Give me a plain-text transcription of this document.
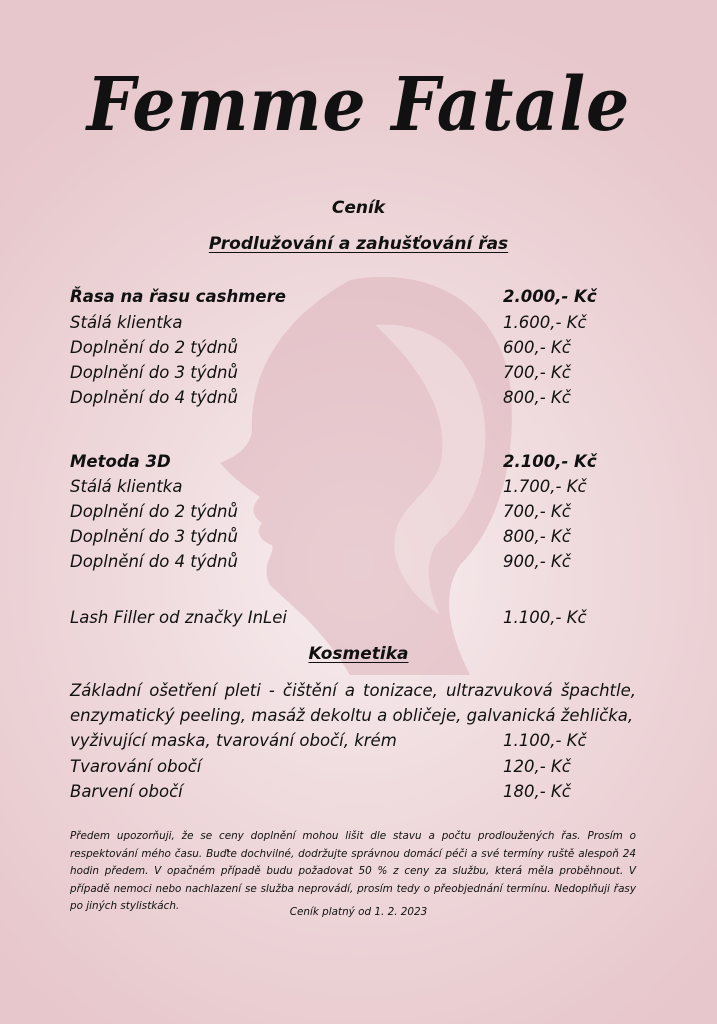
Femme Fatale
Ceník
Prodlužování a zahušťování řas
Řasa na řasu cashmere	2.000,- Kč
Stálá klientka	1.600,- Kč
Doplnění do 2 týdnů	600,- Kč
Doplnění do 3 týdnů	700,- Kč
Doplnění do 4 týdnů	800,- Kč
Metoda 3D	2.100,- Kč
Stálá klientka	1.700,- Kč
Doplnění do 2 týdnů	700,- Kč
Doplnění do 3 týdnů	800,- Kč
Doplnění do 4 týdnů	900,- Kč
Lash Filler od značky InLei	1.100,- Kč
Kosmetika
Základní ošetření pleti - čištění a tonizace, ultrazvuková špachtle, enzymatický peeling, masáž dekoltu a obličeje, galvanická žehlička,
vyživující maska, tvarování obočí, krém	1.100,- Kč
Tvarování obočí	120,- Kč
Barvení obočí	180,- Kč
Předem upozorňuji, že se ceny doplnění mohou lišit dle stavu a počtu prodloužených řas. Prosím o respektování mého času. Buďte dochvilné, dodržujte správnou domácí péči a své termíny ruště alespoň 24 hodin předem. V opačném případě budu požadovat 50 % z ceny za službu, která měla proběhnout. V případě nemoci nebo nachlazení se služba neprovádí, prosím tedy o přeobjednání termínu. Nedoplňuji řasy po jiných stylistkách.	Ceník platný od 1. 2. 2023
